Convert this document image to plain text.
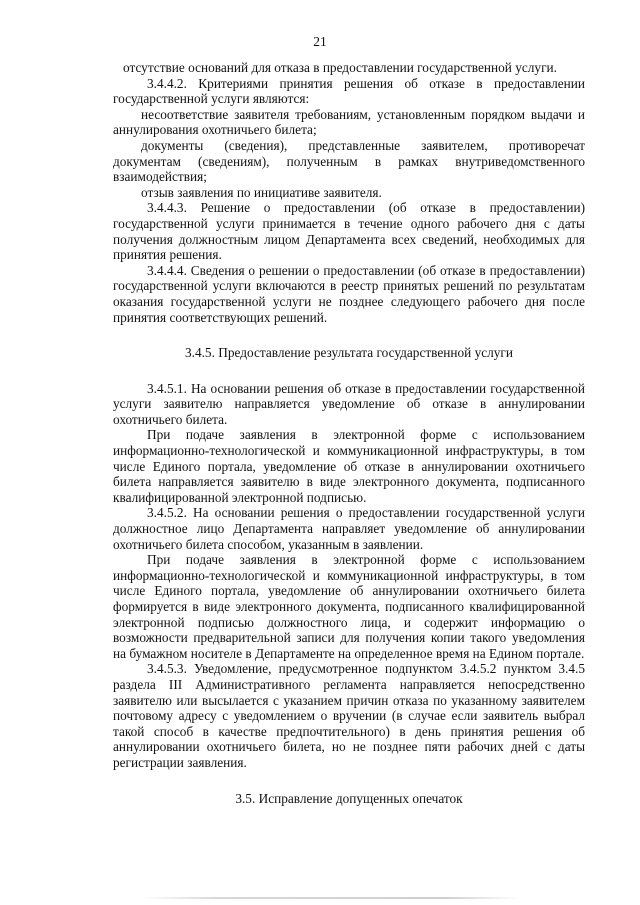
21

отсутствие оснований для отказа в предоставлении государственной услуги.

3.4.4.2. Критериями принятия решения об отказе в предоставлении государственной услуги являются:

несоответствие заявителя требованиям, установленным порядком выдачи и аннулирования охотничьего билета;

документы (сведения), представленные заявителем, противоречат документам (сведениям), полученным в рамках внутриведомственного взаимодействия;

отзыв заявления по инициативе заявителя.

3.4.4.3. Решение о предоставлении (об отказе в предоставлении) государственной услуги принимается в течение одного рабочего дня с даты получения должностным лицом Департамента всех сведений, необходимых для принятия решения.

3.4.4.4. Сведения о решении о предоставлении (об отказе в предоставлении) государственной услуги включаются в реестр принятых решений по результатам оказания государственной услуги не позднее следующего рабочего дня после принятия соответствующих решений.

3.4.5. Предоставление результата государственной услуги

3.4.5.1. На основании решения об отказе в предоставлении государственной услуги заявителю направляется уведомление об отказе в аннулировании охотничьего билета.

При подаче заявления в электронной форме с использованием информационно-технологической и коммуникационной инфраструктуры, в том числе Единого портала, уведомление об отказе в аннулировании охотничьего билета направляется заявителю в виде электронного документа, подписанного квалифицированной электронной подписью.

3.4.5.2. На основании решения о предоставлении государственной услуги должностное лицо Департамента направляет уведомление об аннулировании охотничьего билета способом, указанным в заявлении.

При подаче заявления в электронной форме с использованием информационно-технологической и коммуникационной инфраструктуры, в том числе Единого портала, уведомление об аннулировании охотничьего билета формируется в виде электронного документа, подписанного квалифицированной электронной подписью должностного лица, и содержит информацию о возможности предварительной записи для получения копии такого уведомления на бумажном носителе в Департаменте на определенное время на Едином портале.

3.4.5.3. Уведомление, предусмотренное подпунктом 3.4.5.2 пунктом 3.4.5 раздела III Административного регламента направляется непосредственно заявителю или высылается с указанием причин отказа по указанному заявителем почтовому адресу с уведомлением о вручении (в случае если заявитель выбрал такой способ в качестве предпочтительного) в день принятия решения об аннулировании охотничьего билета, но не позднее пяти рабочих дней с даты регистрации заявления.

3.5. Исправление допущенных опечаток
